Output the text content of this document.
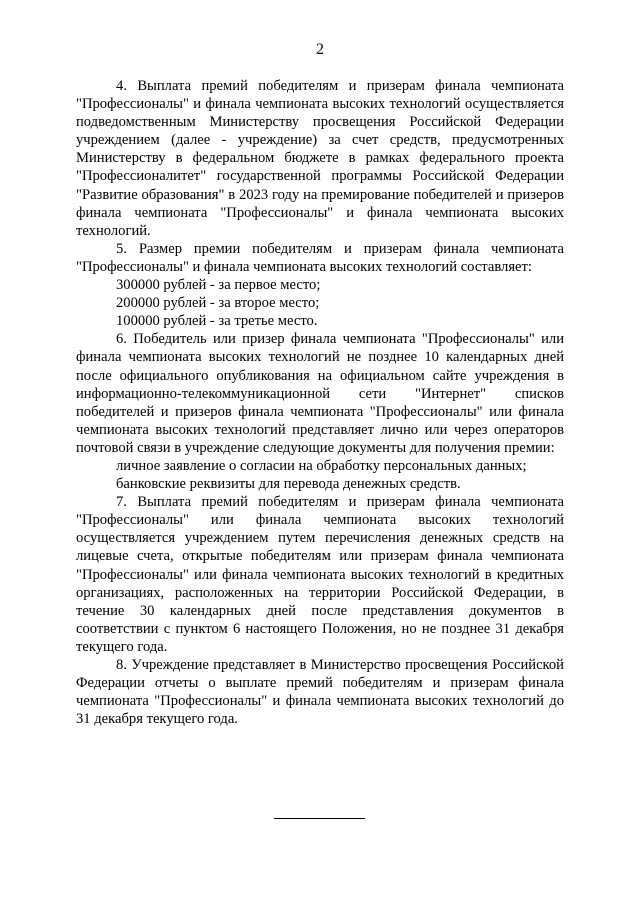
2

4. Выплата премий победителям и призерам финала чемпионата "Профессионалы" и финала чемпионата высоких технологий осуществляется подведомственным Министерству просвещения Российской Федерации учреждением (далее - учреждение) за счет средств, предусмотренных Министерству в федеральном бюджете в рамках федерального проекта "Профессионалитет" государственной программы Российской Федерации "Развитие образования" в 2023 году на премирование победителей и призеров финала чемпионата "Профессионалы" и финала чемпионата высоких технологий.

5. Размер премии победителям и призерам финала чемпионата "Профессионалы" и финала чемпионата высоких технологий составляет:

300000 рублей - за первое место;

200000 рублей - за второе место;

100000 рублей - за третье место.

6. Победитель или призер финала чемпионата "Профессионалы" или финала чемпионата высоких технологий не позднее 10 календарных дней после официального опубликования на официальном сайте учреждения в информационно-телекоммуникационной сети "Интернет" списков победителей и призеров финала чемпионата "Профессионалы" или финала чемпионата высоких технологий представляет лично или через операторов почтовой связи в учреждение следующие документы для получения премии:

личное заявление о согласии на обработку персональных данных;

банковские реквизиты для перевода денежных средств.

7. Выплата премий победителям и призерам финала чемпионата "Профессионалы" или финала чемпионата высоких технологий осуществляется учреждением путем перечисления денежных средств на лицевые счета, открытые победителям или призерам финала чемпионата "Профессионалы" или финала чемпионата высоких технологий в кредитных организациях, расположенных на территории Российской Федерации, в течение 30 календарных дней после представления документов в соответствии с пунктом 6 настоящего Положения, но не позднее 31 декабря текущего года.

8. Учреждение представляет в Министерство просвещения Российской Федерации отчеты о выплате премий победителям и призерам финала чемпионата "Профессионалы" и финала чемпионата высоких технологий до 31 декабря текущего года.
